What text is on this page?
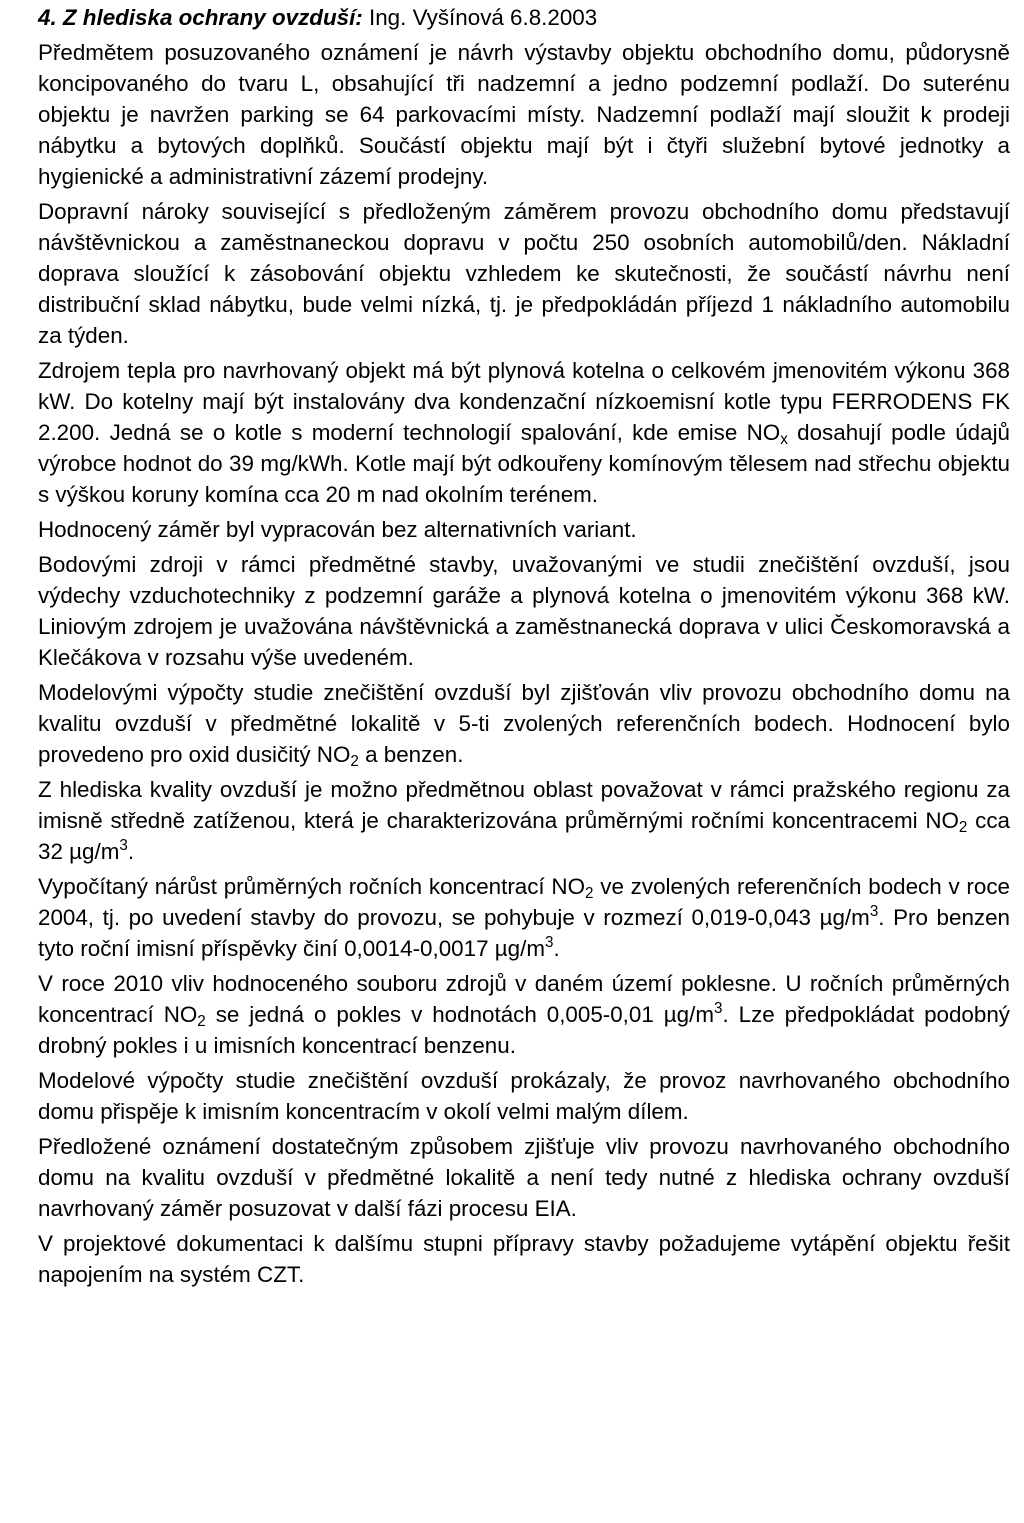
4. Z hlediska ochrany ovzduší: Ing. Vyšínová 6.8.2003

Předmětem posuzovaného oznámení je návrh výstavby objektu obchodního domu, půdorysně koncipovaného do tvaru L, obsahující tři nadzemní a jedno podzemní podlaží. Do suterénu objektu je navržen parking se 64 parkovacími místy. Nadzemní podlaží mají sloužit k prodeji nábytku a bytových doplňků. Součástí objektu mají být i čtyři služební bytové jednotky a hygienické a administrativní zázemí prodejny.

Dopravní nároky související s předloženým záměrem provozu obchodního domu představují návštěvnickou a zaměstnaneckou dopravu v počtu 250 osobních automobilů/den. Nákladní doprava sloužící k zásobování objektu vzhledem ke skutečnosti, že součástí návrhu není distribuční sklad nábytku, bude velmi nízká, tj. je předpokládán příjezd 1 nákladního automobilu za týden.

Zdrojem tepla pro navrhovaný objekt má být plynová kotelna o celkovém jmenovitém výkonu 368 kW. Do kotelny mají být instalovány dva kondenzační nízkoemisní kotle typu FERRODENS FK 2.200. Jedná se o kotle s moderní technologií spalování, kde emise $NO_x$ dosahují podle údajů výrobce hodnot do 39 mg/kWh. Kotle mají být odkouřeny komínovým tělesem nad střechu objektu s výškou koruny komína cca 20 m nad okolním terénem.

Hodnocený záměr byl vypracován bez alternativních variant.

Bodovými zdroji v rámci předmětné stavby, uvažovanými ve studii znečištění ovzduší, jsou výdechy vzduchotechniky z podzemní garáže a plynová kotelna o jmenovitém výkonu 368 kW. Liniovým zdrojem je uvažována návštěvnická a zaměstnanecká doprava v ulici Českomoravská a Klečákova v rozsahu výše uvedeném.

Modelovými výpočty studie znečištění ovzduší byl zjišťován vliv provozu obchodního domu na kvalitu ovzduší v předmětné lokalitě v 5-ti zvolených referenčních bodech. Hodnocení bylo provedeno pro oxid dusičitý $NO_2$ a benzen.

Z hlediska kvality ovzduší je možno předmětnou oblast považovat v rámci pražského regionu za imisně středně zatíženou, která je charakterizována průměrnými ročními koncentracemi $NO_2$ cca 32 $\mu g/m^3$.

Vypočítaný nárůst průměrných ročních koncentrací $NO_2$ ve zvolených referenčních bodech v roce 2004, tj. po uvedení stavby do provozu, se pohybuje v rozmezí 0,019-0,043 $\mu g/m^3$. Pro benzen tyto roční imisní příspěvky činí 0,0014-0,0017 $\mu g/m^3$.

V roce 2010 vliv hodnoceného souboru zdrojů v daném území poklesne. U ročních průměrných koncentrací $NO_2$ se jedná o pokles v hodnotách 0,005-0,01 $\mu g/m^3$. Lze předpokládat podobný drobný pokles i u imisních koncentrací benzenu.

Modelové výpočty studie znečištění ovzduší prokázaly, že provoz navrhovaného obchodního domu přispěje k imisním koncentracím v okolí velmi malým dílem.

Předložené oznámení dostatečným způsobem zjišťuje vliv provozu navrhovaného obchodního domu na kvalitu ovzduší v předmětné lokalitě a není tedy nutné z hlediska ochrany ovzduší navrhovaný záměr posuzovat v další fázi procesu EIA.

V projektové dokumentaci k dalšímu stupni přípravy stavby požadujeme vytápění objektu řešit napojením na systém CZT.
